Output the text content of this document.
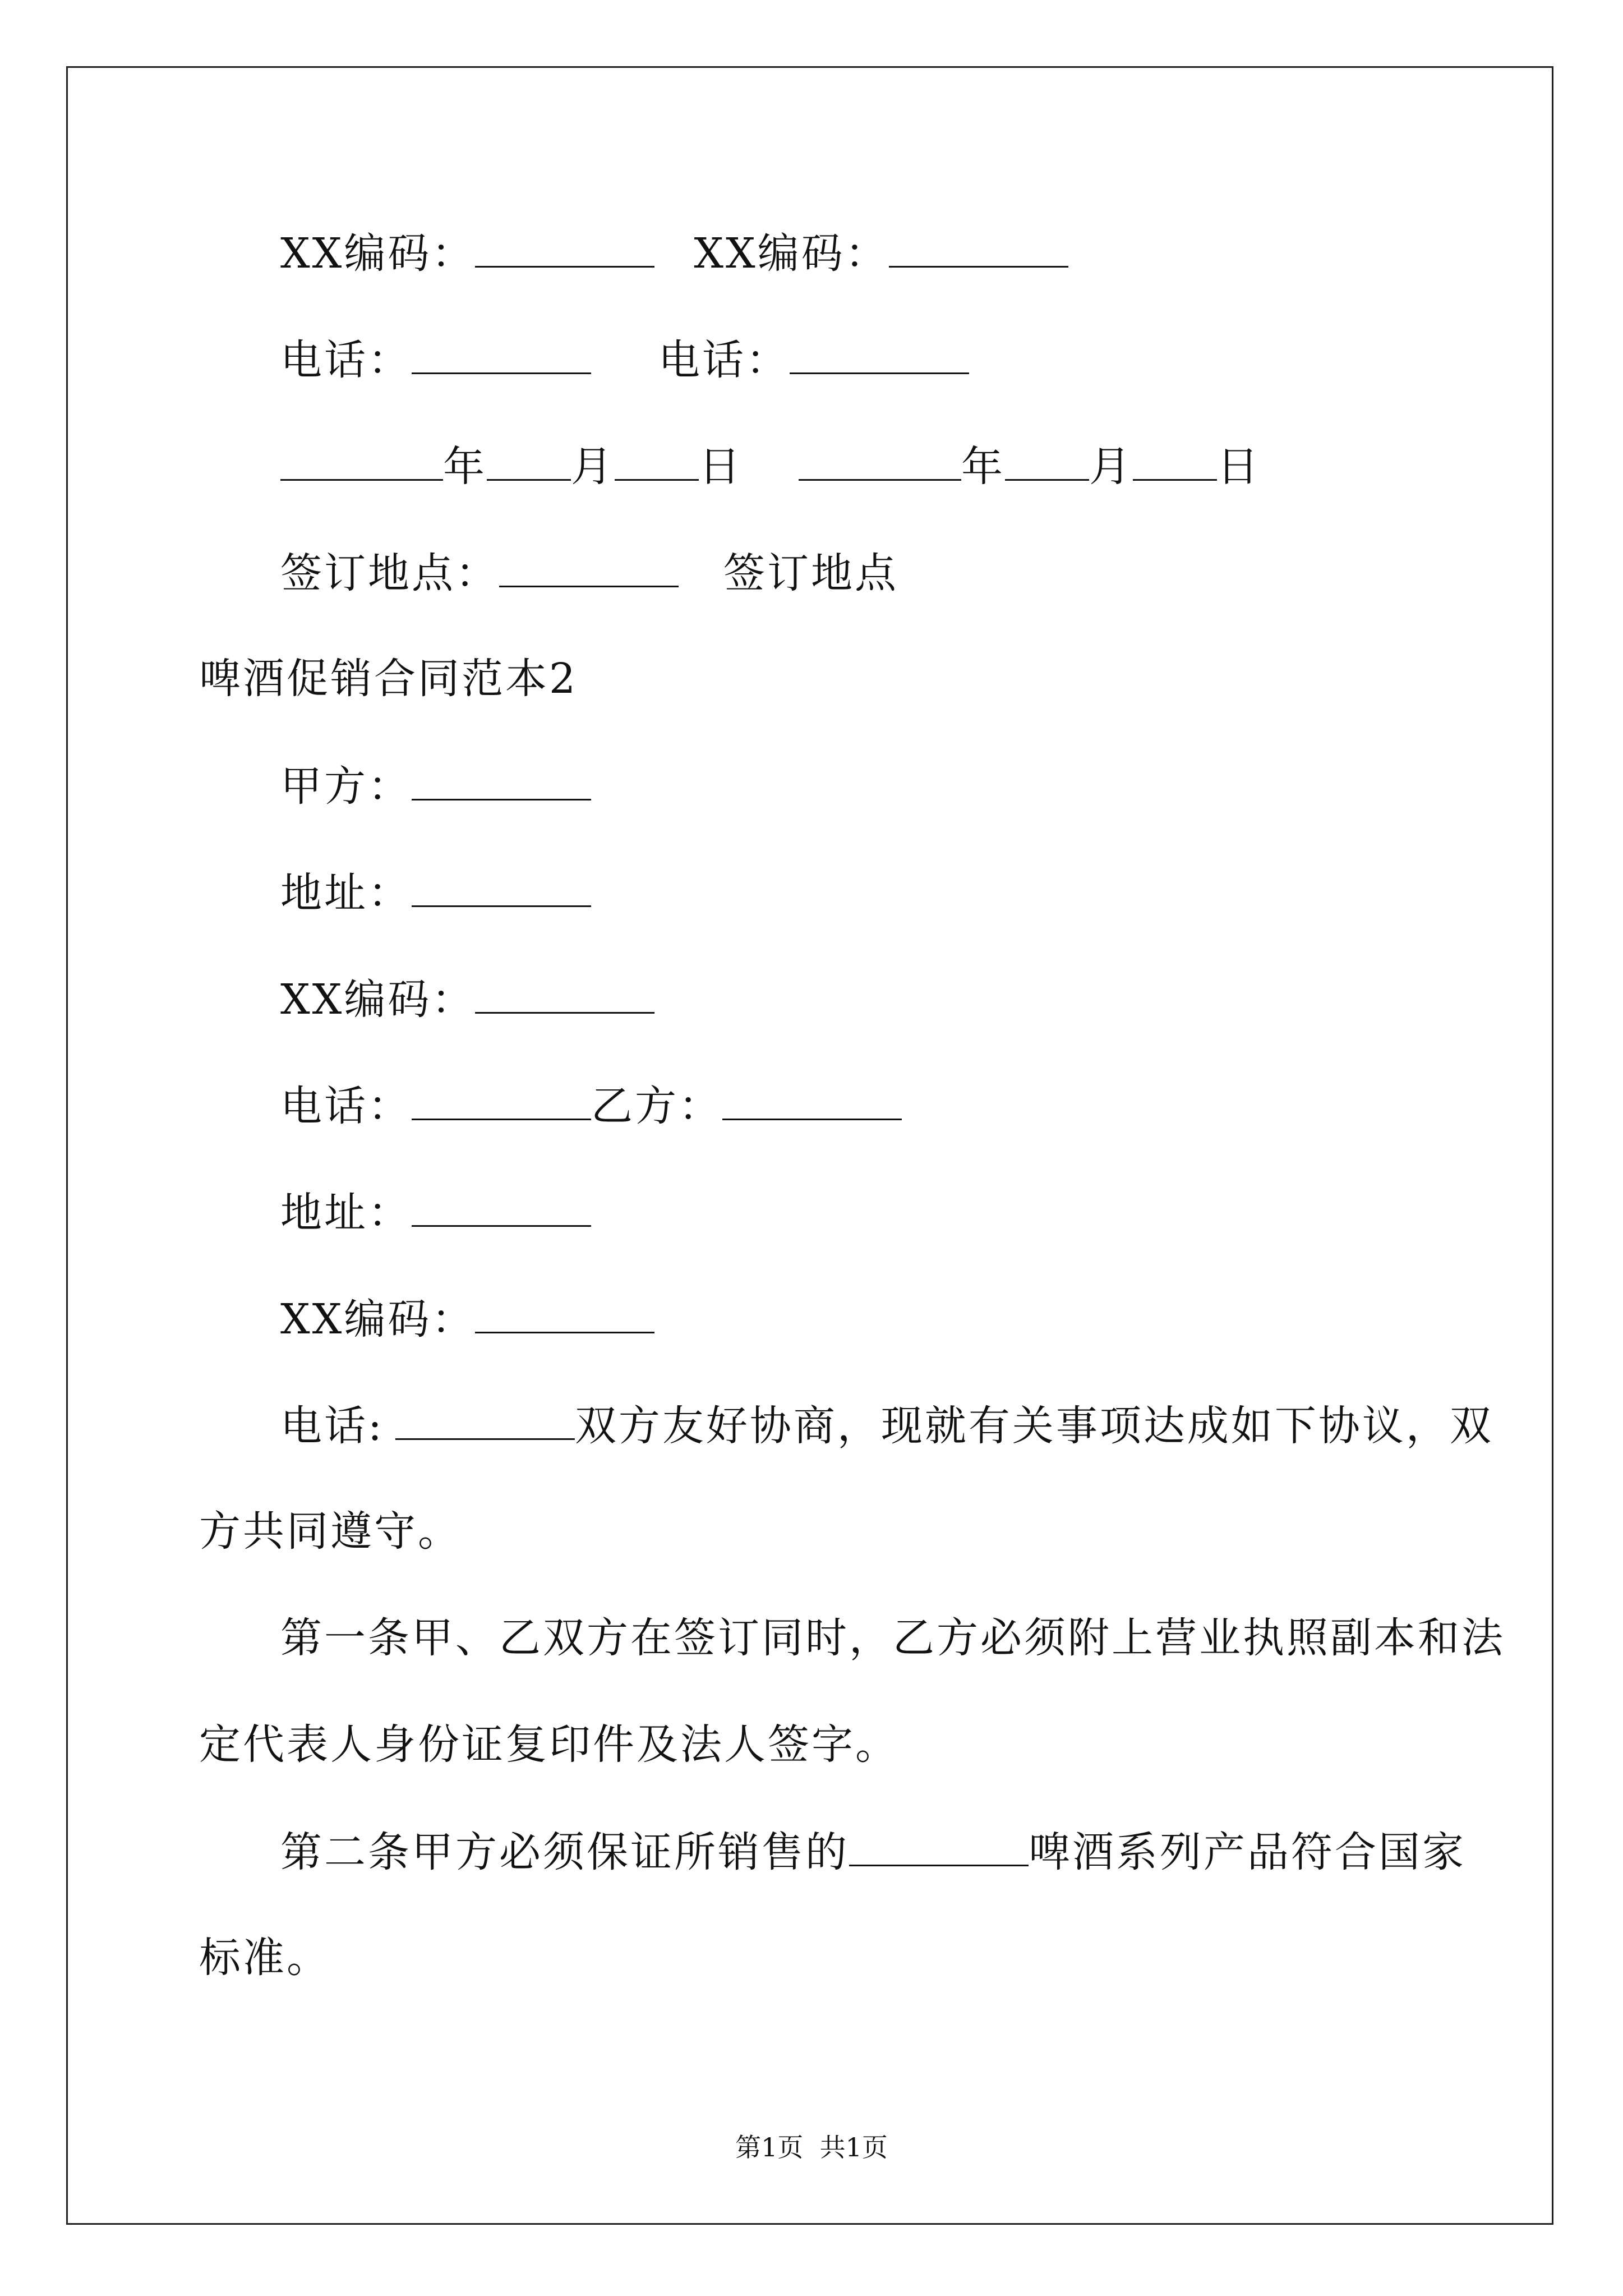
XX编码：	XX编码：
电话：	电话：
年 月 日	年 月 日
签订地点：	签订地点
啤酒促销合同范本2
甲方：
地址：
XX编码：
电话：	乙方：
地址：
XX编码：
电话:	双方友好协商，现就有关事项达成如下协议，双
方共同遵守。
第一条甲、乙双方在签订同时，乙方必须附上营业执照副本和法
定代表人身份证复印件及法人签字。
第二条甲方必须保证所销售的	啤酒系列产品符合国家
标准。
第1页  共1页
